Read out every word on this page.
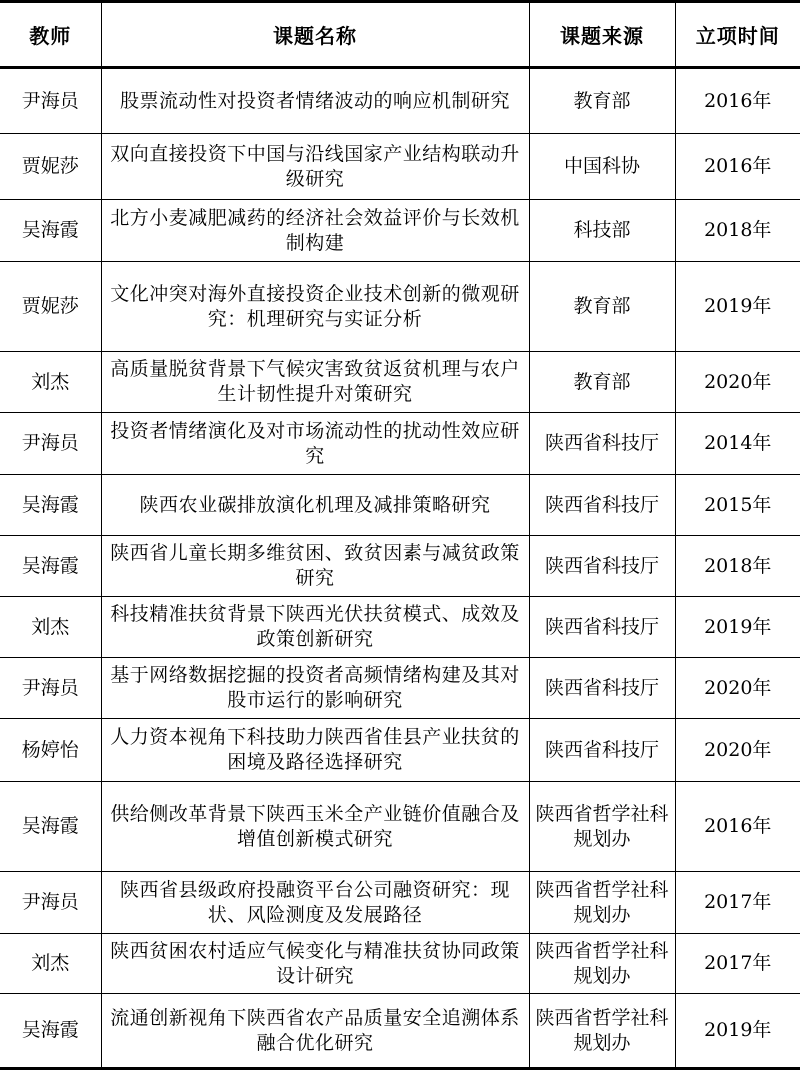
教师	课题名称	课题来源	立项时间
尹海员	股票流动性对投资者情绪波动的响应机制研究	教育部	2016年
贾妮莎	双向直接投资下中国与沿线国家产业结构联动升级研究	中国科协	2016年
吴海霞	北方小麦减肥减药的经济社会效益评价与长效机制构建	科技部	2018年
贾妮莎	文化冲突对海外直接投资企业技术创新的微观研究：机理研究与实证分析	教育部	2019年
刘杰	高质量脱贫背景下气候灾害致贫返贫机理与农户生计韧性提升对策研究	教育部	2020年
尹海员	投资者情绪演化及对市场流动性的扰动性效应研究	陕西省科技厅	2014年
吴海霞	陕西农业碳排放演化机理及减排策略研究	陕西省科技厅	2015年
吴海霞	陕西省儿童长期多维贫困、致贫因素与减贫政策研究	陕西省科技厅	2018年
刘杰	科技精准扶贫背景下陕西光伏扶贫模式、成效及政策创新研究	陕西省科技厅	2019年
尹海员	基于网络数据挖掘的投资者高频情绪构建及其对股市运行的影响研究	陕西省科技厅	2020年
杨婷怡	人力资本视角下科技助力陕西省佳县产业扶贫的困境及路径选择研究	陕西省科技厅	2020年
吴海霞	供给侧改革背景下陕西玉米全产业链价值融合及增值创新模式研究	陕西省哲学社科规划办	2016年
尹海员	陕西省县级政府投融资平台公司融资研究：现状、风险测度及发展路径	陕西省哲学社科规划办	2017年
刘杰	陕西贫困农村适应气候变化与精准扶贫协同政策设计研究	陕西省哲学社科规划办	2017年
吴海霞	流通创新视角下陕西省农产品质量安全追溯体系融合优化研究	陕西省哲学社科规划办	2019年
